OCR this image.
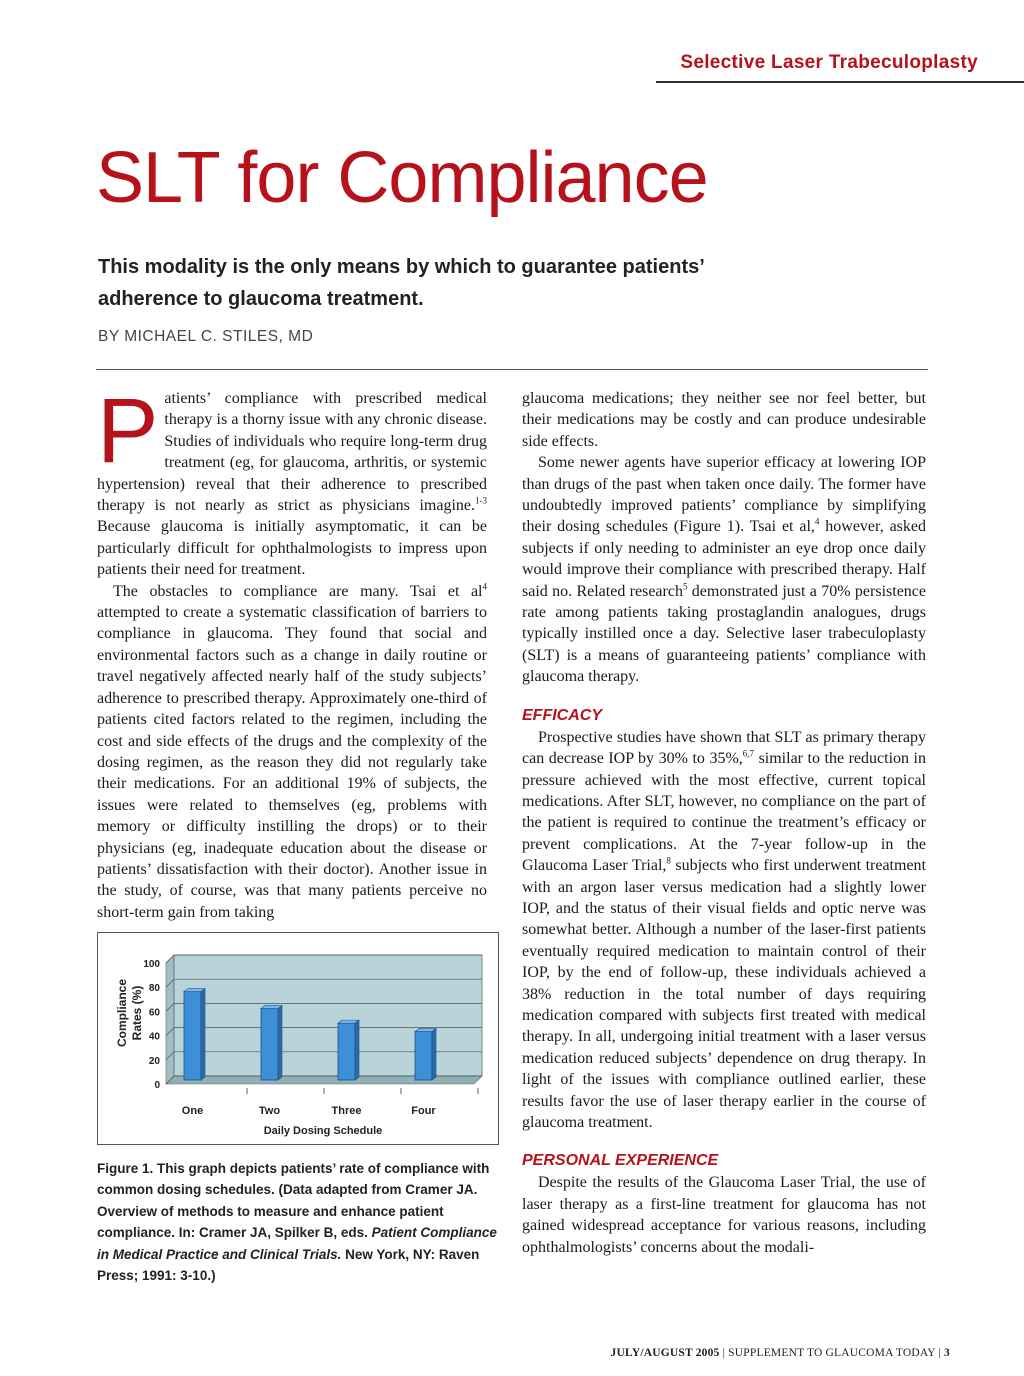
Selective Laser Trabeculoplasty
SLT for Compliance
This modality is the only means by which to guarantee patients’ adherence to glaucoma treatment.
BY MICHAEL C. STILES, MD

Patients’ compliance with prescribed medical therapy is a thorny issue with any chronic disease. Studies of individuals who require long-term drug treatment (eg, for glaucoma, arthritis, or systemic hypertension) reveal that their adherence to prescribed therapy is not nearly as strict as physicians imagine.$^{1-3}$ Because glaucoma is initially asymptomatic, it can be particularly difficult for ophthalmologists to impress upon patients their need for treatment.

The obstacles to compliance are many. Tsai et $al^4$ attempted to create a systematic classification of barriers to compliance in glaucoma. They found that social and environmental factors such as a change in daily routine or travel negatively affected nearly half of the study subjects’ adherence to prescribed therapy. Approximately one-third of patients cited factors related to the regimen, including the cost and side effects of the drugs and the complexity of the dosing regimen, as the reason they did not regularly take their medications. For an additional 19% of subjects, the issues were related to themselves (eg, problems with memory or difficulty instilling the drops) or to their physicians (eg, inadequate education about the disease or patients’ dissatisfaction with their doctor). Another issue in the study, of course, was that many patients perceive no short-term gain from taking

glaucoma medications; they neither see nor feel better, but their medications may be costly and can produce undesirable side effects.

Some newer agents have superior efficacy at lowering IOP than drugs of the past when taken once daily. The former have undoubtedly improved patients’ compliance by simplifying their dosing schedules (Figure 1). Tsai et al,$^4$ however, asked subjects if only needing to administer an eye drop once daily would improve their compliance with prescribed therapy. Half said no. Related research$^5$ demonstrated just a 70% persistence rate among patients taking prostaglandin analogues, drugs typically instilled once a day. Selective laser trabeculoplasty (SLT) is a means of guaranteeing patients’ compliance with glaucoma therapy.

EFFICACY

Prospective studies have shown that SLT as primary therapy can decrease IOP by 30% to 35%,$^{6,7}$ similar to the reduction in pressure achieved with the most effective, current topical medications. After SLT, however, no compliance on the part of the patient is required to continue the treatment’s efficacy or prevent complications. At the 7-year follow-up in the Glaucoma Laser Trial,$^8$ subjects who first underwent treatment with an argon laser versus medication had a slightly lower IOP, and the status of their visual fields and optic nerve was somewhat better. Although a number of the laser-first patients eventually required medication to maintain control of their IOP, by the end of follow-up, these individuals achieved a 38% reduction in the total number of days requiring medication compared with subjects first treated with medical therapy. In all, undergoing initial treatment with a laser versus medication reduced subjects’ dependence on drug therapy. In light of the issues with compliance outlined earlier, these results favor the use of laser therapy earlier in the course of glaucoma treatment.

PERSONAL EXPERIENCE

Despite the results of the Glaucoma Laser Trial, the use of laser therapy as a first-line treatment for glaucoma has not gained widespread acceptance for various reasons, including ophthalmologists’ concerns about the modali-

0
20
40
60
80
100
One	Two	Three	Four
Daily Dosing Schedule
Compliance Rates (%)
Figure 1. This graph depicts patients’ rate of compliance with common dosing schedules. (Data adapted from Cramer JA. Overview of methods to measure and enhance patient compliance. In: Cramer JA, Spilker B, eds. Patient Compliance in Medical Practice and Clinical Trials. New York, NY: Raven Press; 1991: 3-10.)
JULY/AUGUST 2005 | SUPPLEMENT TO GLAUCOMA TODAY | 3
